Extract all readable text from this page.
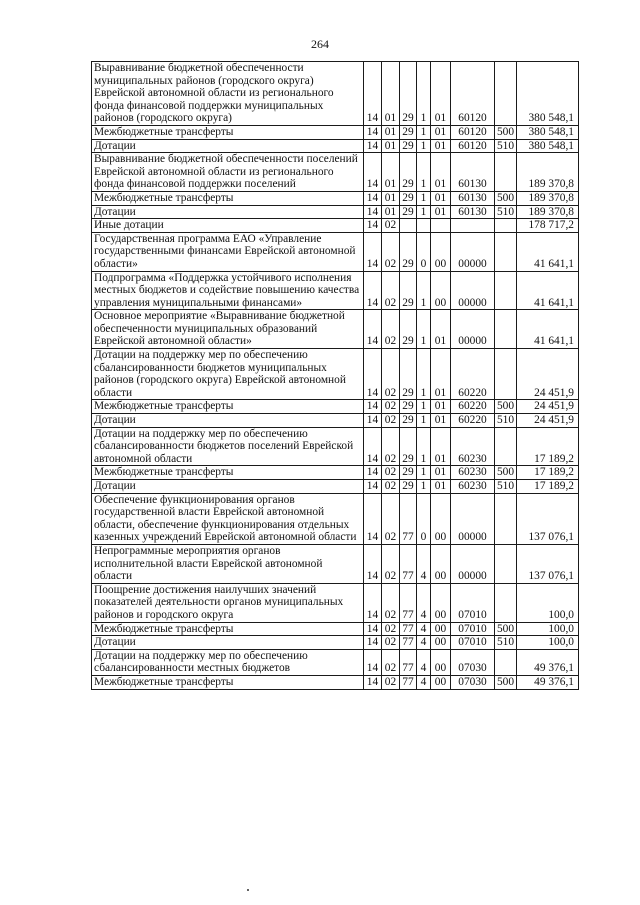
264
Выравнивание бюджетной обеспеченности муниципальных районов (городского округа) Еврейской автономной области из регионального фонда финансовой поддержки муниципальных районов (городского округа)	14	01	29	1	01	60120		380 548,1
Межбюджетные трансферты	14	01	29	1	01	60120	500	380 548,1
Дотации	14	01	29	1	01	60120	510	380 548,1
Выравнивание бюджетной обеспеченности поселений Еврейской автономной области из регионального фонда финансовой поддержки поселений	14	01	29	1	01	60130		189 370,8
Межбюджетные трансферты	14	01	29	1	01	60130	500	189 370,8
Дотации	14	01	29	1	01	60130	510	189 370,8
Иные дотации	14	02						178 717,2
Государственная программа ЕАО «Управление государственными финансами Еврейской автономной области»	14	02	29	0	00	00000		41 641,1
Подпрограмма «Поддержка устойчивого исполнения местных бюджетов и содействие повышению качества управления муниципальными финансами»	14	02	29	1	00	00000		41 641,1
Основное мероприятие «Выравнивание бюджетной обеспеченности муниципальных образований Еврейской автономной области»	14	02	29	1	01	00000		41 641,1
Дотации на поддержку мер по обеспечению сбалансированности бюджетов муниципальных районов (городского округа) Еврейской автономной области	14	02	29	1	01	60220		24 451,9
Межбюджетные трансферты	14	02	29	1	01	60220	500	24 451,9
Дотации	14	02	29	1	01	60220	510	24 451,9
Дотации на поддержку мер по обеспечению сбалансированности бюджетов поселений Еврейской автономной области	14	02	29	1	01	60230		17 189,2
Межбюджетные трансферты	14	02	29	1	01	60230	500	17 189,2
Дотации	14	02	29	1	01	60230	510	17 189,2
Обеспечение функционирования органов государственной власти Еврейской автономной области, обеспечение функционирования отдельных казенных учреждений Еврейской автономной области	14	02	77	0	00	00000		137 076,1
Непрограммные мероприятия органов исполнительной власти Еврейской автономной области	14	02	77	4	00	00000		137 076,1
Поощрение достижения наилучших значений показателей деятельности органов муниципальных районов и городского округа	14	02	77	4	00	07010		100,0
Межбюджетные трансферты	14	02	77	4	00	07010	500	100,0
Дотации	14	02	77	4	00	07010	510	100,0
Дотации на поддержку мер по обеспечению сбалансированности местных бюджетов	14	02	77	4	00	07030		49 376,1
Межбюджетные трансферты	14	02	77	4	00	07030	500	49 376,1
